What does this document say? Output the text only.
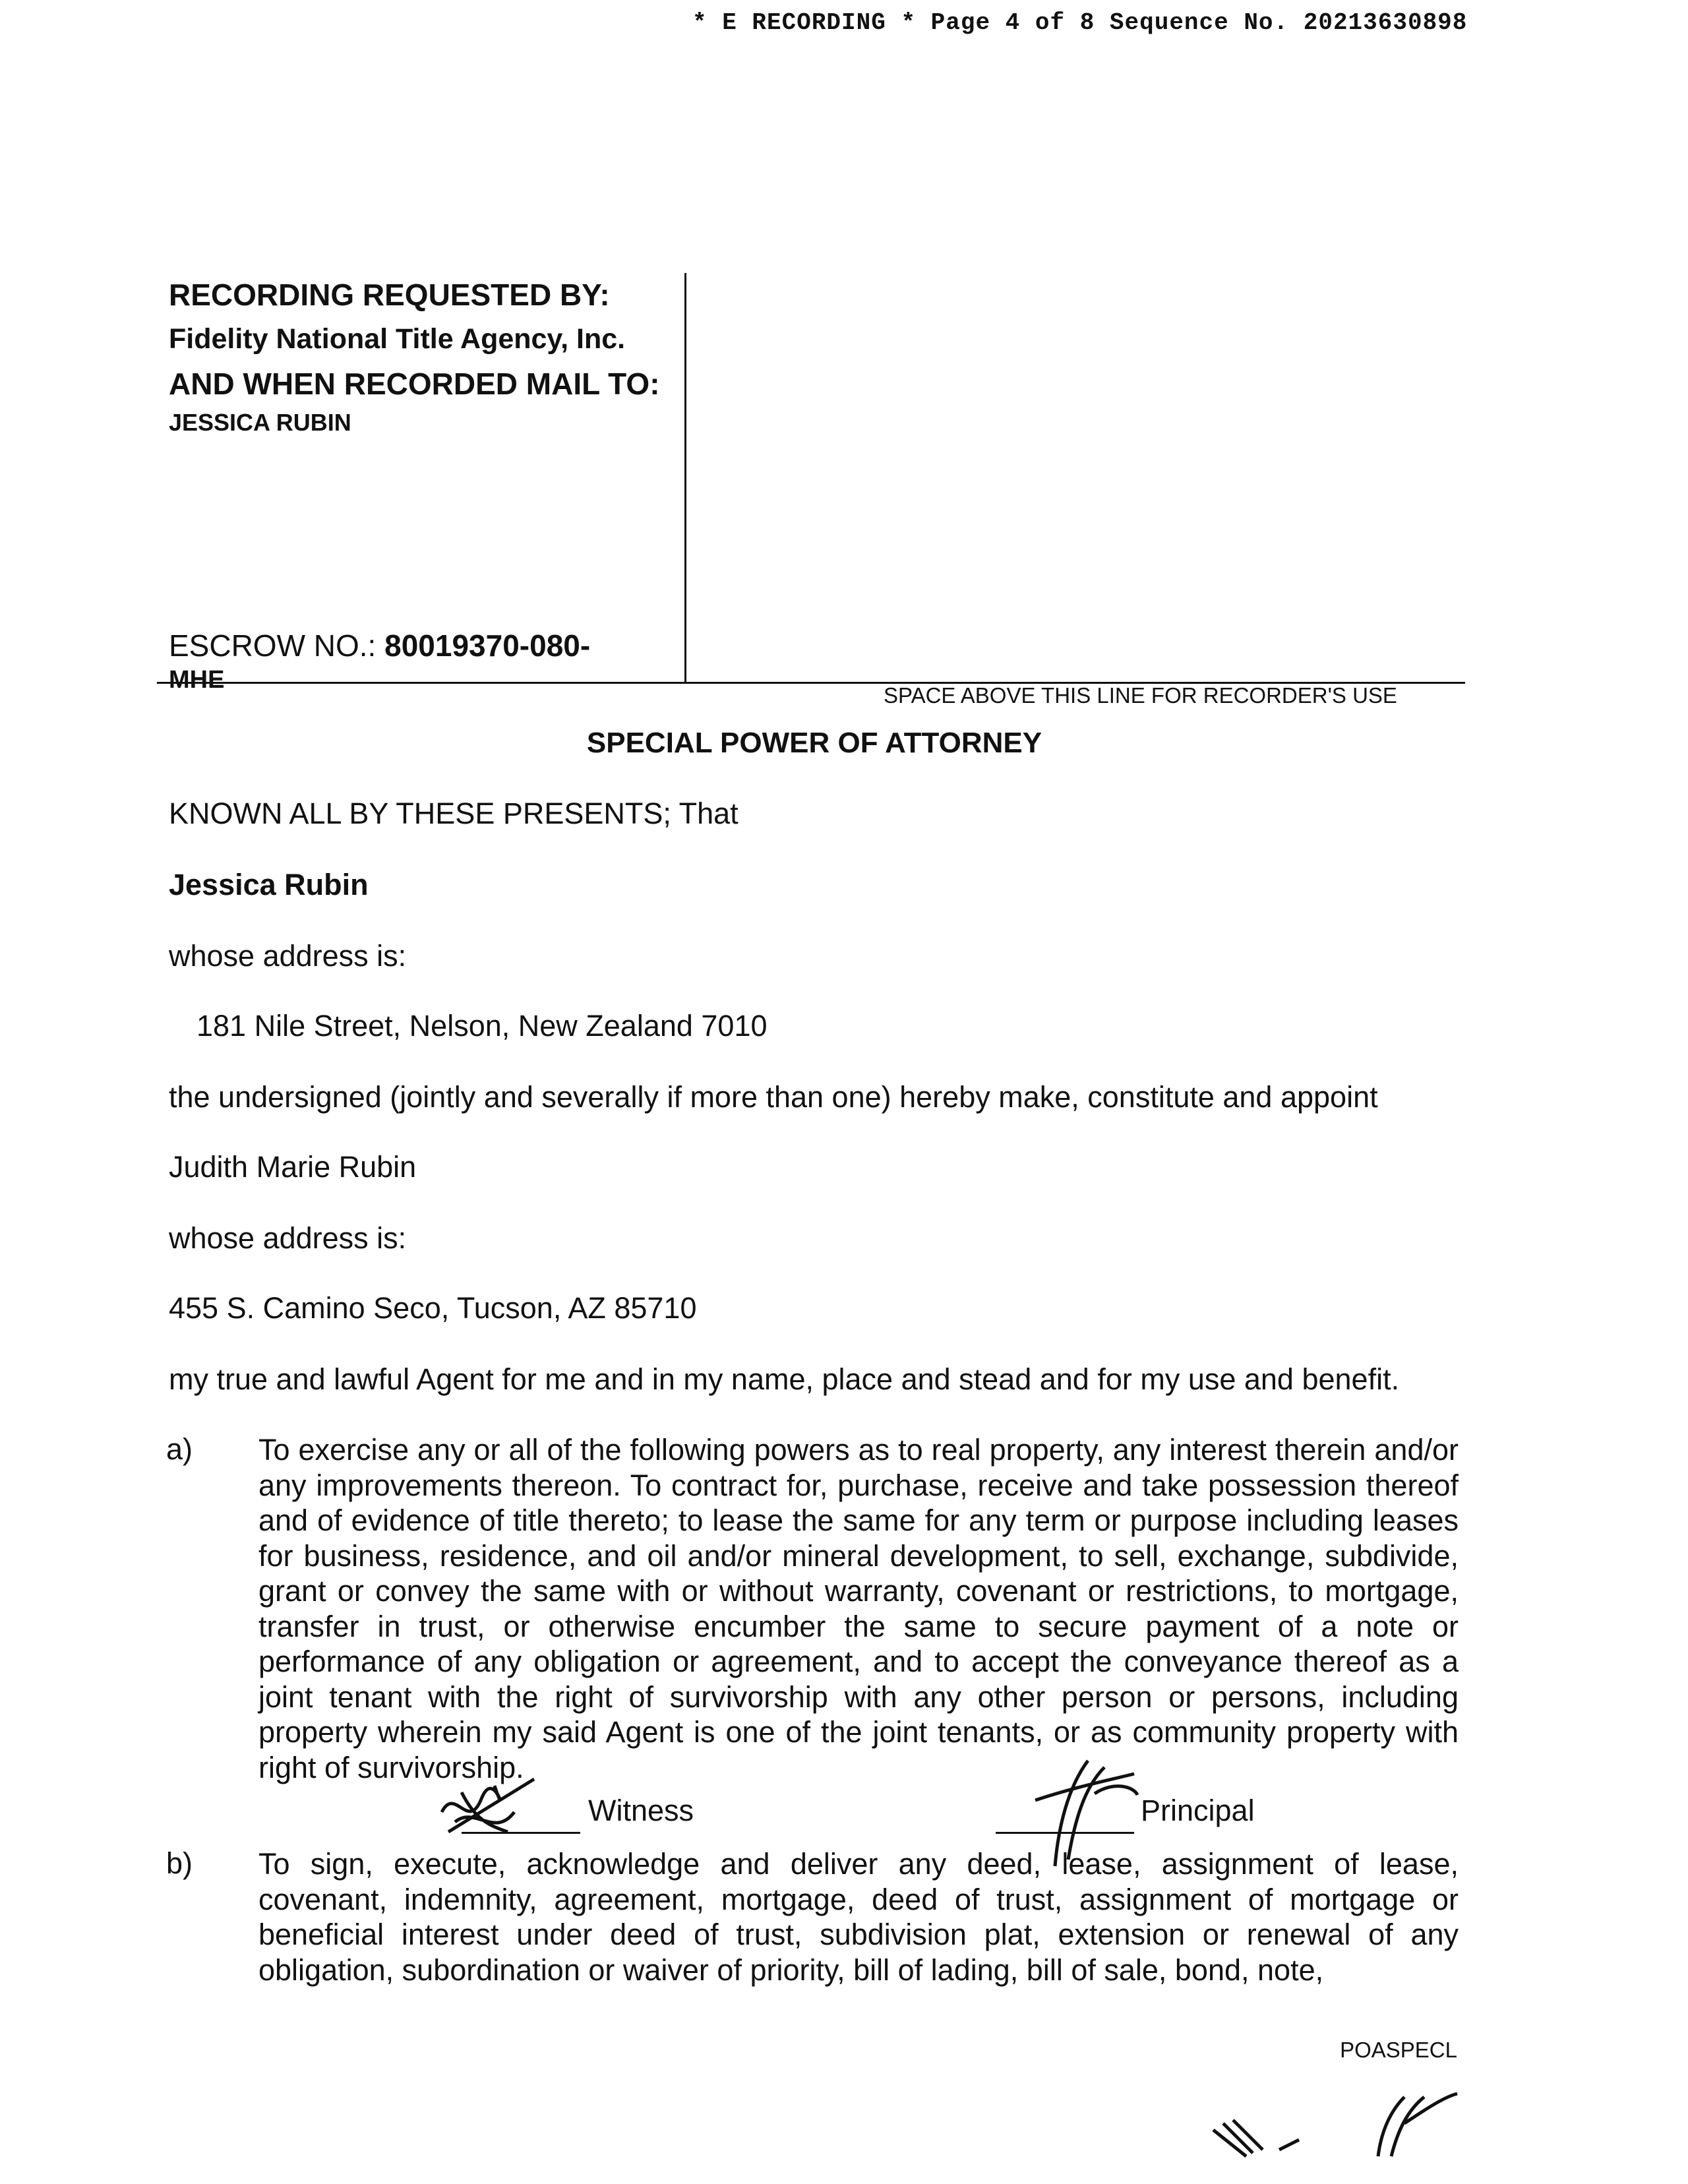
* E RECORDING * Page 4 of 8 Sequence No. 20213630898
RECORDING REQUESTED BY:
Fidelity National Title Agency, Inc.
AND WHEN RECORDED MAIL TO:
JESSICA RUBIN
ESCROW NO.: 80019370-080-
MHE
SPACE ABOVE THIS LINE FOR RECORDER'S USE
SPECIAL POWER OF ATTORNEY
KNOWN ALL BY THESE PRESENTS; That
Jessica Rubin
whose address is:
181 Nile Street, Nelson, New Zealand 7010
the undersigned (jointly and severally if more than one) hereby make, constitute and appoint
Judith Marie Rubin
whose address is:
455 S. Camino Seco, Tucson, AZ 85710
my true and lawful Agent for me and in my name, place and stead and for my use and benefit.
a) To exercise any or all of the following powers as to real property, any interest therein and/or any improvements thereon. To contract for, purchase, receive and take possession thereof and of evidence of title thereto; to lease the same for any term or purpose including leases for business, residence, and oil and/or mineral development, to sell, exchange, subdivide, grant or convey the same with or without warranty, covenant or restrictions, to mortgage, transfer in trust, or otherwise encumber the same to secure payment of a note or performance of any obligation or agreement, and to accept the conveyance thereof as a joint tenant with the right of survivorship with any other person or persons, including property wherein my said Agent is one of the joint tenants, or as community property with right of survivorship.
Witness	Principal
b) To sign, execute, acknowledge and deliver any deed, lease, assignment of lease, covenant, indemnity, agreement, mortgage, deed of trust, assignment of mortgage or beneficial interest under deed of trust, subdivision plat, extension or renewal of any obligation, subordination or waiver of priority, bill of lading, bill of sale, bond, note,
POASPECL
